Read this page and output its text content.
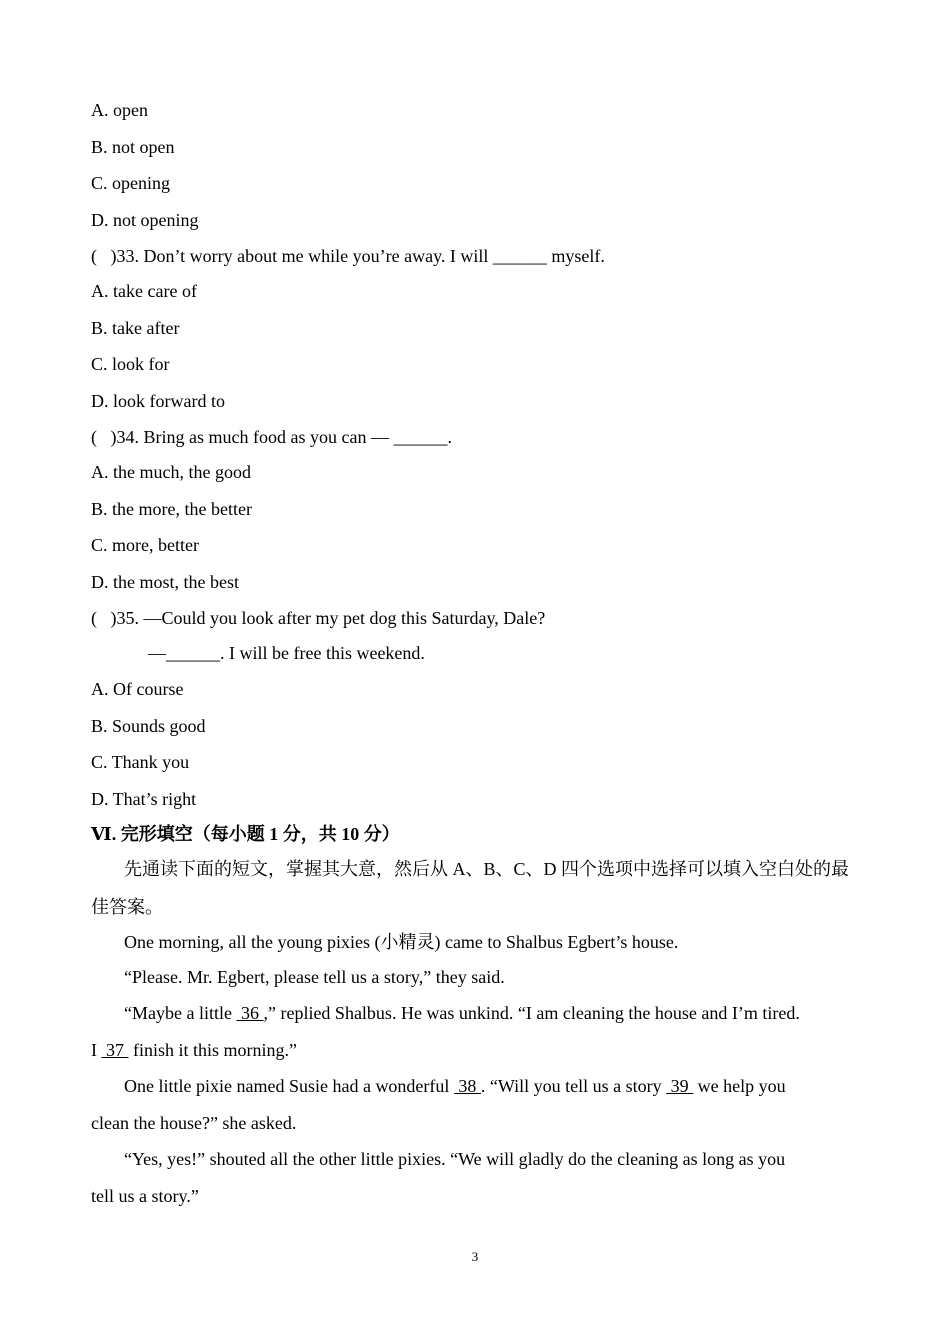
A. open
B. not open
C. opening
D. not opening
(   )33. Don’t worry about me while you’re away. I will ______ myself.
A. take care of
B. take after
C. look for
D. look forward to
(   )34. Bring as much food as you can — ______.
A. the much, the good
B. the more, the better
C. more, better
D. the most, the best
(   )35. —Could you look after my pet dog this Saturday, Dale?
—______. I will be free this weekend.
A. Of course
B. Sounds good
C. Thank you
D. That’s right
Ⅵ. 完形填空（每小题 1 分，共 10 分）
先通读下面的短文，掌握其大意，然后从 A、B、C、D 四个选项中选择可以填入空白处的最
佳答案。
One morning, all the young pixies (小精灵) came to Shalbus Egbert’s house.
“Please. Mr. Egbert, please tell us a story,” they said.
“Maybe a little  36 ,” replied Shalbus. He was unkind. “I am cleaning the house and I’m tired.
I  37  finish it this morning.”
One little pixie named Susie had a wonderful  38 . “Will you tell us a story  39  we help you
clean the house?” she asked.
“Yes, yes!” shouted all the other little pixies. “We will gladly do the cleaning as long as you
tell us a story.”
3
